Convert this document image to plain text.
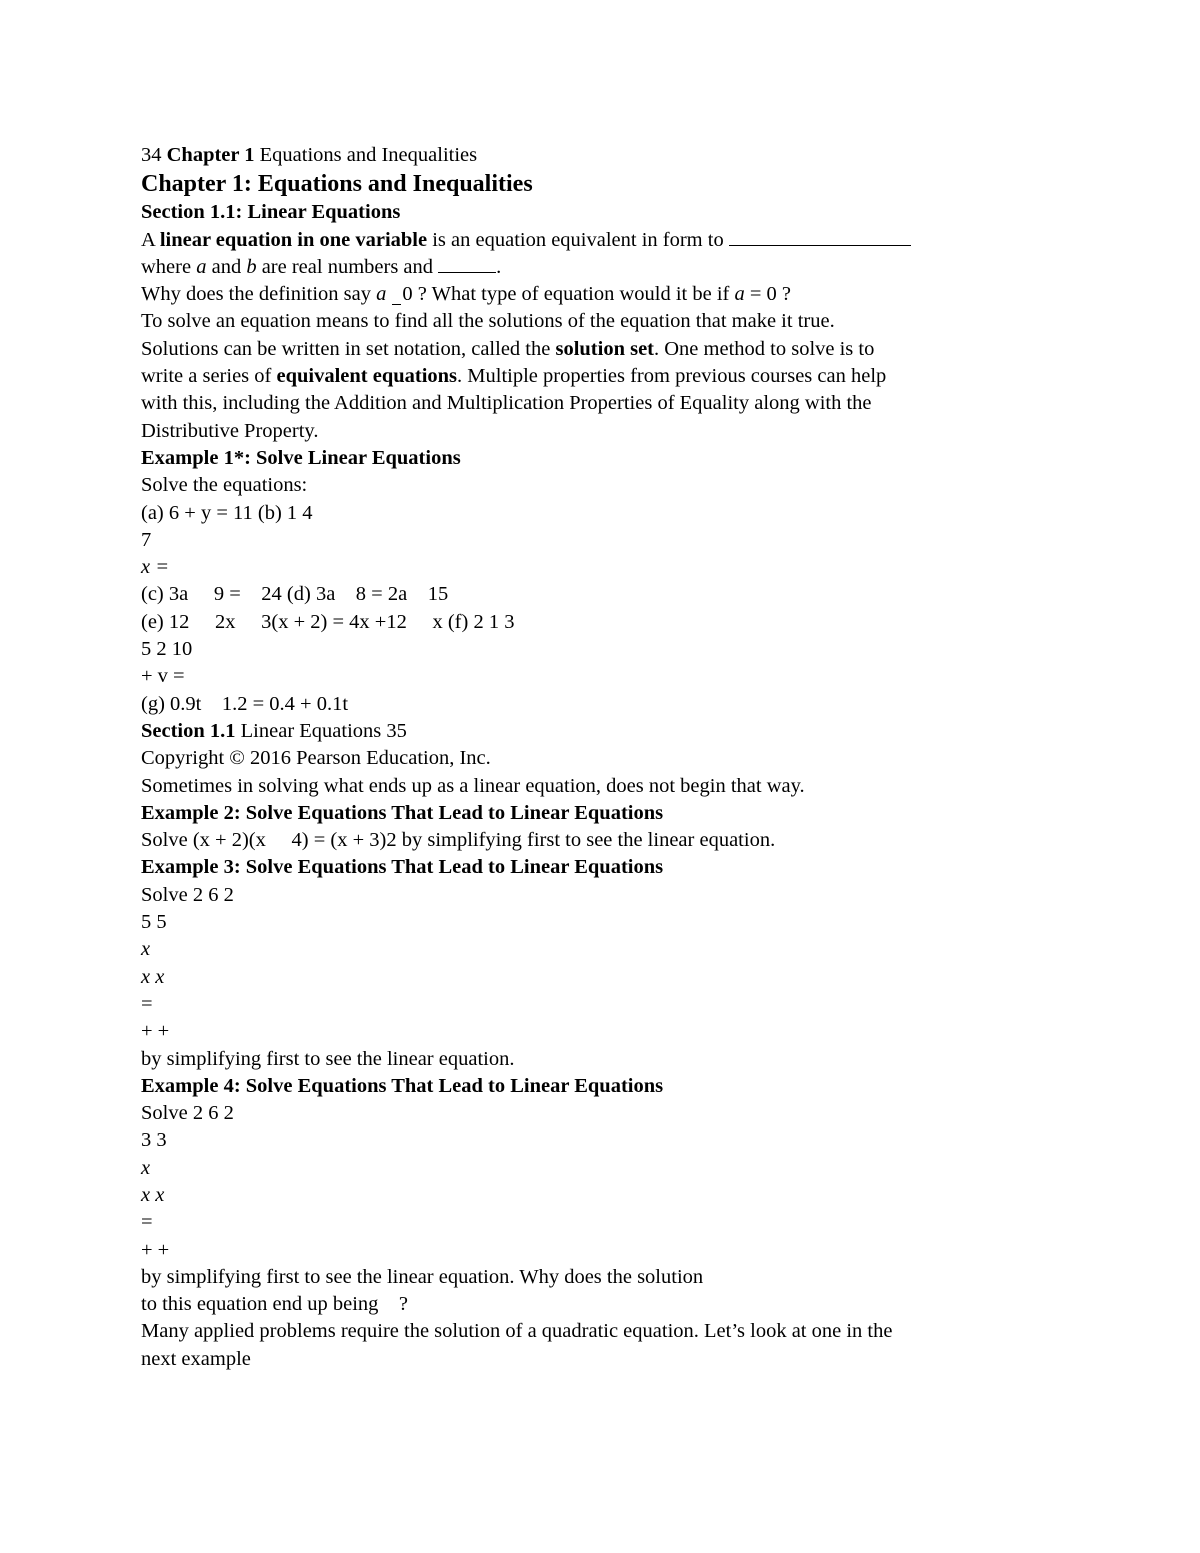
34 Chapter 1 Equations and Inequalities
Chapter 1: Equations and Inequalities
Section 1.1: Linear Equations
A linear equation in one variable is an equation equivalent in form to
where a and b are real numbers and	.
Why does the definition say a 0 ? What type of equation would it be if a = 0 ?
To solve an equation means to find all the solutions of the equation that make it true.
Solutions can be written in set notation, called the solution set. One method to solve is to
write a series of equivalent equations. Multiple properties from previous courses can help
with this, including the Addition and Multiplication Properties of Equality along with the
Distributive Property.
Example 1*: Solve Linear Equations
Solve the equations:
(a) 6 + y = 11 (b) 1 4
7
x =
(c) 3a     9 =    24 (d) 3a    8 = 2a    15
(e) 12     2x     3(x + 2) = 4x +12     x (f) 2 1 3
5 2 10
+ v =
(g) 0.9t    1.2 = 0.4 + 0.1t
Section 1.1 Linear Equations 35
Copyright © 2016 Pearson Education, Inc.
Sometimes in solving what ends up as a linear equation, does not begin that way.
Example 2: Solve Equations That Lead to Linear Equations
Solve (x + 2)(x     4) = (x + 3)2 by simplifying first to see the linear equation.
Example 3: Solve Equations That Lead to Linear Equations
Solve 2 6 2
5 5
x
x x
=
+ +
by simplifying first to see the linear equation.
Example 4: Solve Equations That Lead to Linear Equations
Solve 2 6 2
3 3
x
x x
=
+ +
by simplifying first to see the linear equation. Why does the solution
to this equation end up being    ?
Many applied problems require the solution of a quadratic equation. Let’s look at one in the
next example
